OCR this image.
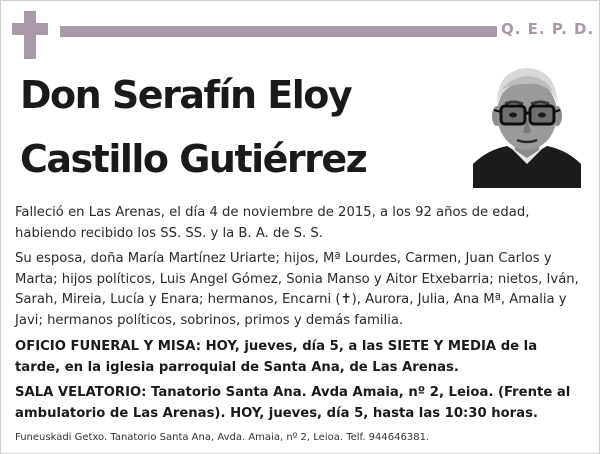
Q. E. P. D.
Don Serafín Eloy
Castillo Gutiérrez
Falleció en Las Arenas, el día 4 de noviembre de 2015, a los 92 años de edad, habiendo recibido los SS. SS. y la B. A. de S. S.
Su esposa, doña María Martínez Uriarte; hijos, Mª Lourdes, Carmen, Juan Carlos y Marta; hijos políticos, Luis Angel Gómez, Sonia Manso y Aitor Etxebarria; nietos, Iván, Sarah, Mireia, Lucía y Enara; hermanos, Encarni (✝), Aurora, Julia, Ana Mª, Amalia y Javi; hermanos políticos, sobrinos, primos y demás familia.
OFICIO FUNERAL Y MISA: HOY, jueves, día 5, a las SIETE Y MEDIA de la tarde, en la iglesia parroquial de Santa Ana, de Las Arenas.
SALA VELATORIO: Tanatorio Santa Ana. Avda Amaia, nº 2, Leioa. (Frente al ambulatorio de Las Arenas). HOY, jueves, día 5, hasta las 10:30 horas.
Funeuskadi Getxo. Tanatorio Santa Ana, Avda. Amaia, nº 2, Leioa. Telf. 944646381.
